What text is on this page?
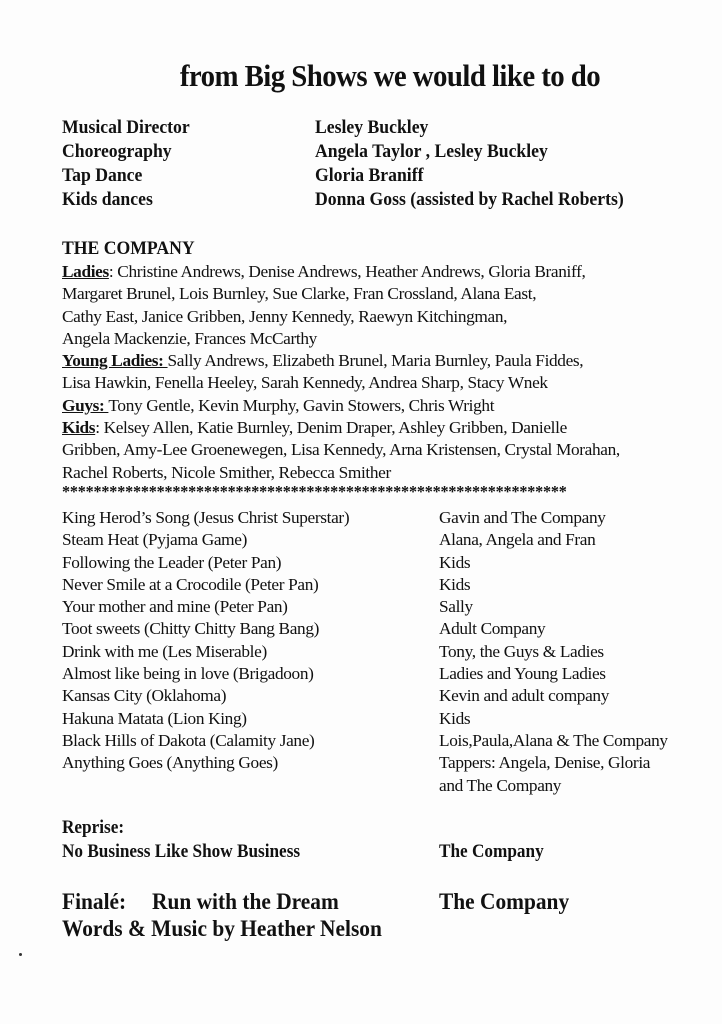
from Big Shows we would like to do
Musical Director	Lesley Buckley
Choreography	Angela Taylor , Lesley Buckley
Tap Dance	Gloria Braniff
Kids dances	Donna Goss (assisted by Rachel Roberts)
THE COMPANY
Ladies: Christine Andrews, Denise Andrews, Heather Andrews, Gloria Braniff,
Margaret Brunel, Lois Burnley, Sue Clarke, Fran Crossland, Alana East,
Cathy East, Janice Gribben, Jenny Kennedy, Raewyn Kitchingman,
Angela Mackenzie, Frances McCarthy
Young Ladies: Sally Andrews, Elizabeth Brunel, Maria Burnley, Paula Fiddes,
Lisa Hawkin, Fenella Heeley, Sarah Kennedy, Andrea Sharp, Stacy Wnek
Guys: Tony Gentle, Kevin Murphy, Gavin Stowers, Chris Wright
Kids: Kelsey Allen, Katie Burnley, Denim Draper, Ashley Gribben, Danielle
Gribben, Amy-Lee Groenewegen, Lisa Kennedy, Arna Kristensen, Crystal Morahan,
Rachel Roberts, Nicole Smither, Rebecca Smither
****************************************************************
King Herod’s Song (Jesus Christ Superstar)	Gavin and The Company
Steam Heat (Pyjama Game)	Alana, Angela and Fran
Following the Leader (Peter Pan)	Kids
Never Smile at a Crocodile (Peter Pan)	Kids
Your mother and mine (Peter Pan)	Sally
Toot sweets (Chitty Chitty Bang Bang)	Adult Company
Drink with me (Les Miserable)	Tony, the Guys & Ladies
Almost like being in love (Brigadoon)	Ladies and Young Ladies
Kansas City (Oklahoma)	Kevin and adult company
Hakuna Matata (Lion King)	Kids
Black Hills of Dakota (Calamity Jane)	Lois,Paula,Alana & The Company
Anything Goes (Anything Goes)	Tappers: Angela, Denise, Gloria
and The Company
Reprise:
No Business Like Show Business	The Company
Finalé: Run with the Dream	The Company
Words & Music by Heather Nelson
